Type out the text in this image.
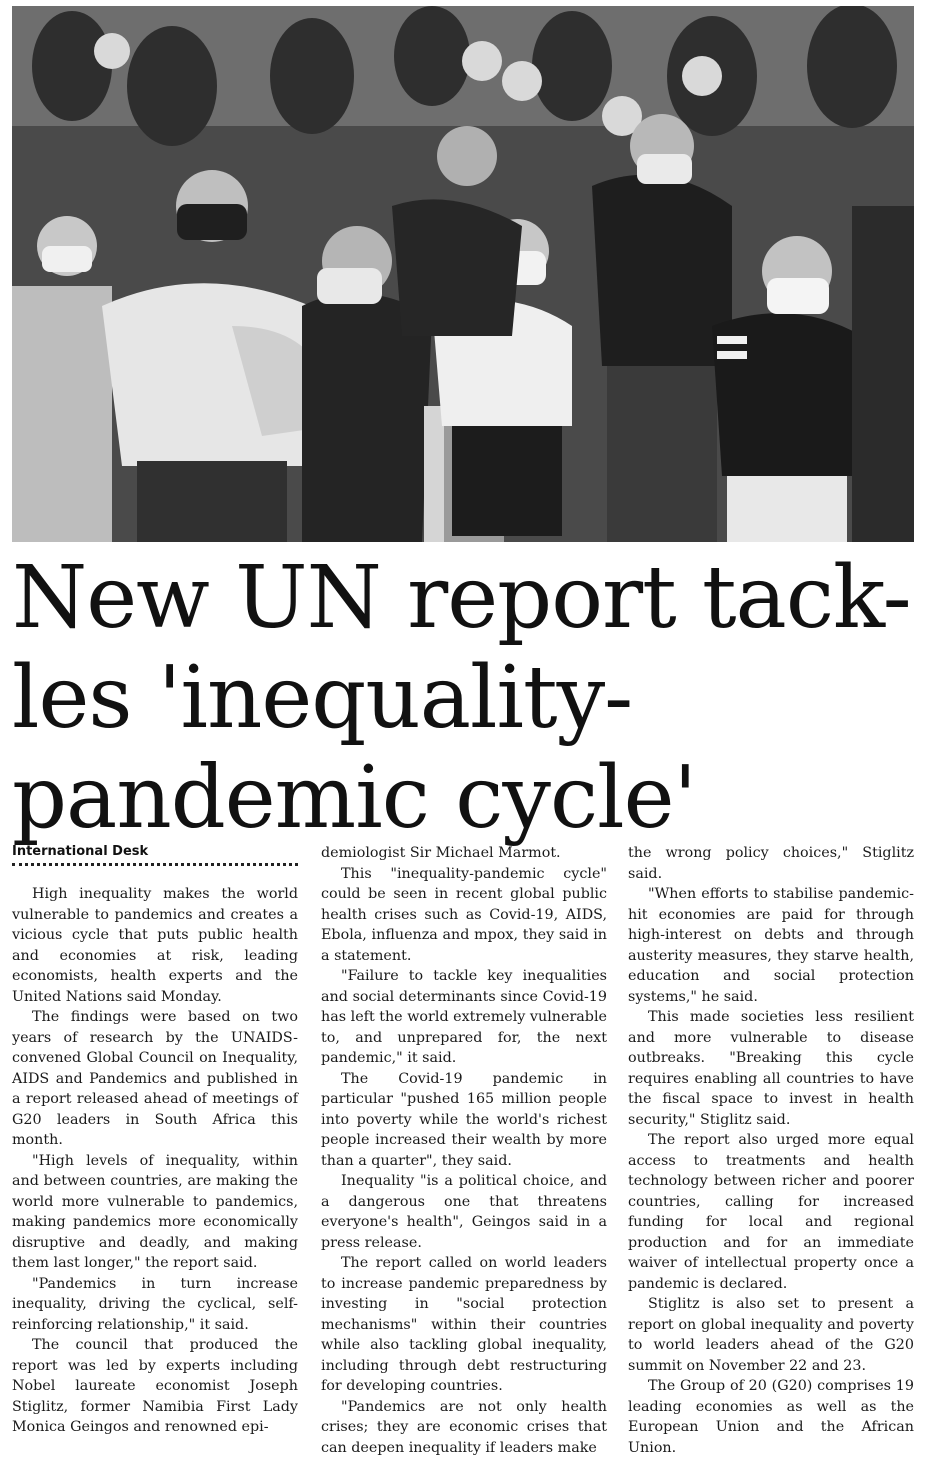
New UN report tack-
les 'inequality-
pandemic cycle'
International Desk

High inequality makes the world vulnerable to pandemics and creates a vicious cycle that puts public health and economies at risk, leading economists, health experts and the United Nations said Monday.

The findings were based on two years of research by the UNAIDS-convened Global Council on Inequality, AIDS and Pandemics and published in a report released ahead of meetings of G20 leaders in South Africa this month.

"High levels of inequality, within and between countries, are making the world more vulnerable to pandemics, making pandemics more economically disruptive and deadly, and making them last longer," the report said.

"Pandemics in turn increase inequality, driving the cyclical, self-reinforcing relationship," it said.

The council that produced the report was led by experts including Nobel laureate economist Joseph Stiglitz, former Namibia First Lady Monica Geingos and renowned epi-

demiologist Sir Michael Marmot.

This "inequality-pandemic cycle" could be seen in recent global public health crises such as Covid-19, AIDS, Ebola, influenza and mpox, they said in a statement.

"Failure to tackle key inequalities and social determinants since Covid-19 has left the world extremely vulnerable to, and unprepared for, the next pandemic," it said.

The Covid-19 pandemic in particular "pushed 165 million people into poverty while the world's richest people increased their wealth by more than a quarter", they said.

Inequality "is a political choice, and a dangerous one that threatens everyone's health", Geingos said in a press release.

The report called on world leaders to increase pandemic preparedness by investing in "social protection mechanisms" within their countries while also tackling global inequality, including through debt restructuring for developing countries.

"Pandemics are not only health crises; they are economic crises that can deepen inequality if leaders make

the wrong policy choices," Stiglitz said.

"When efforts to stabilise pandemic-hit economies are paid for through high-interest on debts and through austerity measures, they starve health, education and social protection systems," he said.

This made societies less resilient and more vulnerable to disease outbreaks. "Breaking this cycle requires enabling all countries to have the fiscal space to invest in health security," Stiglitz said.

The report also urged more equal access to treatments and health technology between richer and poorer countries, calling for increased funding for local and regional production and for an immediate waiver of intellectual property once a pandemic is declared.

Stiglitz is also set to present a report on global inequality and poverty to world leaders ahead of the G20 summit on November 22 and 23.

The Group of 20 (G20) comprises 19 leading economies as well as the European Union and the African Union.
